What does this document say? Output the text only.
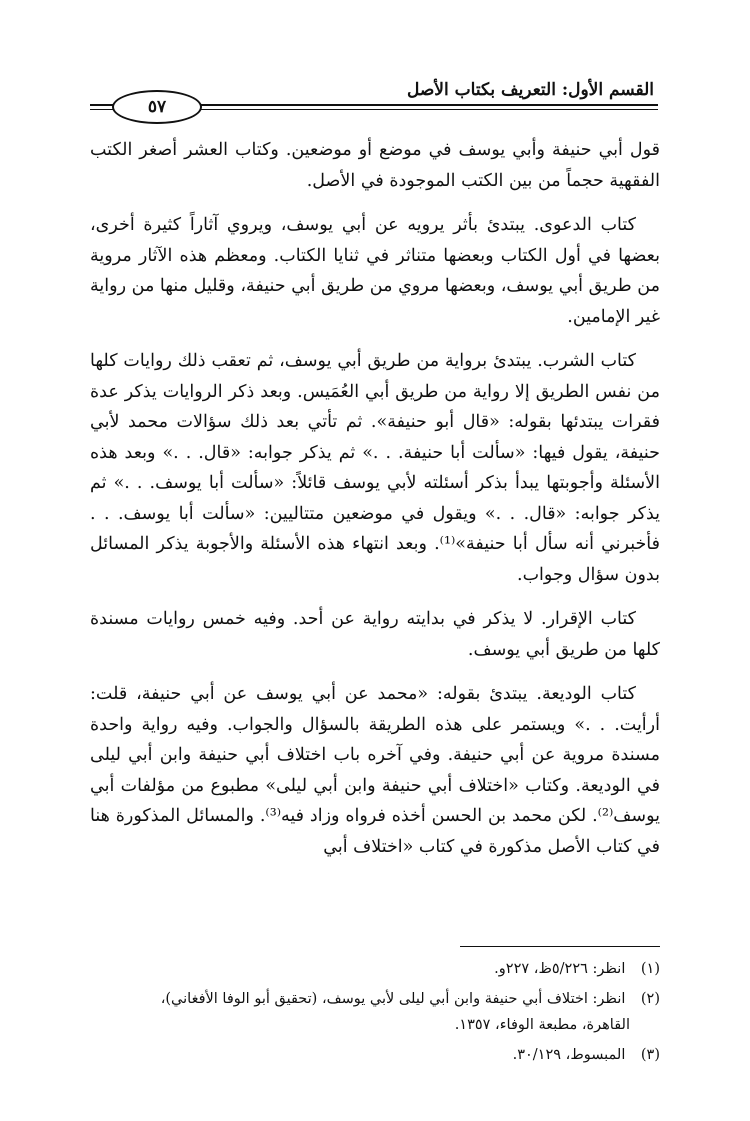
القسم الأول: التعريف بكتاب الأصل
٥٧

قول أبي حنيفة وأبي يوسف في موضع أو موضعين. وكتاب العشر أصغر الكتب الفقهية حجماً من بين الكتب الموجودة في الأصل.

كتاب الدعوى. يبتدئ بأثر يرويه عن أبي يوسف، ويروي آثاراً كثيرة أخرى، بعضها في أول الكتاب وبعضها متناثر في ثنايا الكتاب. ومعظم هذه الآثار مروية من طريق أبي يوسف، وبعضها مروي من طريق أبي حنيفة، وقليل منها من رواية غير الإمامين.

كتاب الشرب. يبتدئ برواية من طريق أبي يوسف، ثم تعقب ذلك روايات كلها من نفس الطريق إلا رواية من طريق أبي العُمَيس. وبعد ذكر الروايات يذكر عدة فقرات يبتدئها بقوله: «قال أبو حنيفة». ثم تأتي بعد ذلك سؤالات محمد لأبي حنيفة، يقول فيها: «سألت أبا حنيفة. . .» ثم يذكر جوابه: «قال. . .» وبعد هذه الأسئلة وأجوبتها يبدأ بذكر أسئلته لأبي يوسف قائلاً: «سألت أبا يوسف. . .» ثم يذكر جوابه: «قال. . .» ويقول في موضعين متتاليين: «سألت أبا يوسف. . . فأخبرني أنه سأل أبا حنيفة»⁽¹⁾. وبعد انتهاء هذه الأسئلة والأجوبة يذكر المسائل بدون سؤال وجواب.

كتاب الإقرار. لا يذكر في بدايته رواية عن أحد. وفيه خمس روايات مسندة كلها من طريق أبي يوسف.

كتاب الوديعة. يبتدئ بقوله: «محمد عن أبي يوسف عن أبي حنيفة، قلت: أرأيت. . .» ويستمر على هذه الطريقة بالسؤال والجواب. وفيه رواية واحدة مسندة مروية عن أبي حنيفة. وفي آخره باب اختلاف أبي حنيفة وابن أبي ليلى في الوديعة. وكتاب «اختلاف أبي حنيفة وابن أبي ليلى» مطبوع من مؤلفات أبي يوسف⁽²⁾. لكن محمد بن الحسن أخذه فرواه وزاد فيه⁽³⁾. والمسائل المذكورة هنا في كتاب الأصل مذكورة في كتاب «اختلاف أبي

(١) انظر: ٥/٢٢٦ظ، ٢٢٧و.
(٢) انظر: اختلاف أبي حنيفة وابن أبي ليلى لأبي يوسف، (تحقيق أبو الوفا الأفغاني)،
القاهرة، مطبعة الوفاء، ١٣٥٧.
(٣) المبسوط، ٣٠/١٢٩.
